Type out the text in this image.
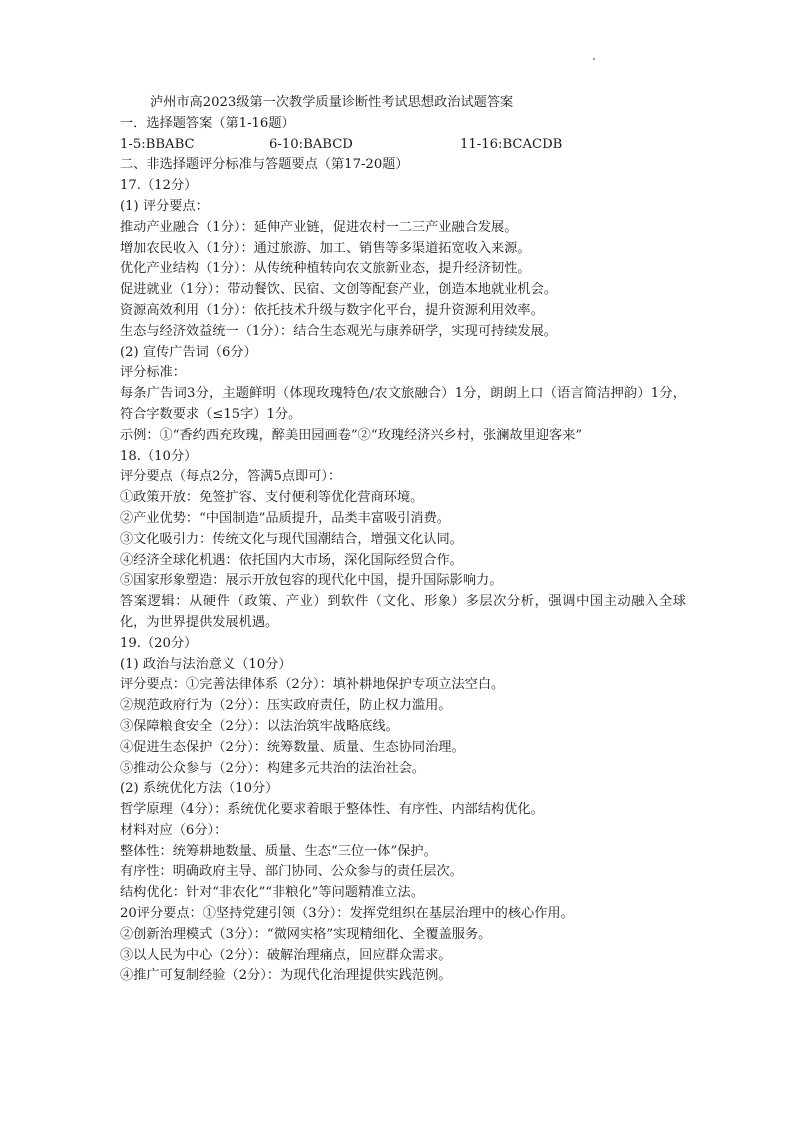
泸州市高2023级第一次教学质量诊断性考试思想政治试题答案

一．选择题答案（第1-16题）

1-5:BBABC	6-10:BABCD	11-16:BCACDB

二、非选择题评分标准与答题要点（第17-20题）

17.（12分）

(1) 评分要点：

推动产业融合（1分）：延伸产业链，促进农村一二三产业融合发展。

增加农民收入（1分）：通过旅游、加工、销售等多渠道拓宽收入来源。

优化产业结构（1分）：从传统种植转向农文旅新业态，提升经济韧性。

促进就业（1分）：带动餐饮、民宿、文创等配套产业，创造本地就业机会。

资源高效利用（1分）：依托技术升级与数字化平台，提升资源利用效率。

生态与经济效益统一（1分）：结合生态观光与康养研学，实现可持续发展。

(2) 宣传广告词（6分）

评分标准：

每条广告词3分，主题鲜明（体现玫瑰特色/农文旅融合）1分，朗朗上口（语言简洁押韵）1分，符合字数要求（≤15字）1分。

示例：①“香约西充玫瑰，醉美田园画卷”②“玫瑰经济兴乡村，张澜故里迎客来”

18.（10分）

评分要点（每点2分，答满5点即可）：

①政策开放：免签扩容、支付便利等优化营商环境。

②产业优势：“中国制造”品质提升，品类丰富吸引消费。

③文化吸引力：传统文化与现代国潮结合，增强文化认同。

④经济全球化机遇：依托国内大市场，深化国际经贸合作。

⑤国家形象塑造：展示开放包容的现代化中国，提升国际影响力。

答案逻辑：从硬件（政策、产业）到软件（文化、形象）多层次分析，强调中国主动融入全球化，为世界提供发展机遇。

19.（20分）

(1) 政治与法治意义（10分）

评分要点：①完善法律体系（2分）：填补耕地保护专项立法空白。

②规范政府行为（2分）：压实政府责任，防止权力滥用。

③保障粮食安全（2分）：以法治筑牢战略底线。

④促进生态保护（2分）：统筹数量、质量、生态协同治理。

⑤推动公众参与（2分）：构建多元共治的法治社会。

(2) 系统优化方法（10分）

哲学原理（4分）：系统优化要求着眼于整体性、有序性、内部结构优化。

材料对应（6分）：

整体性：统筹耕地数量、质量、生态“三位一体”保护。

有序性：明确政府主导、部门协同、公众参与的责任层次。

结构优化：针对“非农化”“非粮化”等问题精准立法。

20评分要点：①坚持党建引领（3分）：发挥党组织在基层治理中的核心作用。

②创新治理模式（3分）：“微网实格”实现精细化、全覆盖服务。

③以人民为中心（2分）：破解治理痛点，回应群众需求。

④推广可复制经验（2分）：为现代化治理提供实践范例。
